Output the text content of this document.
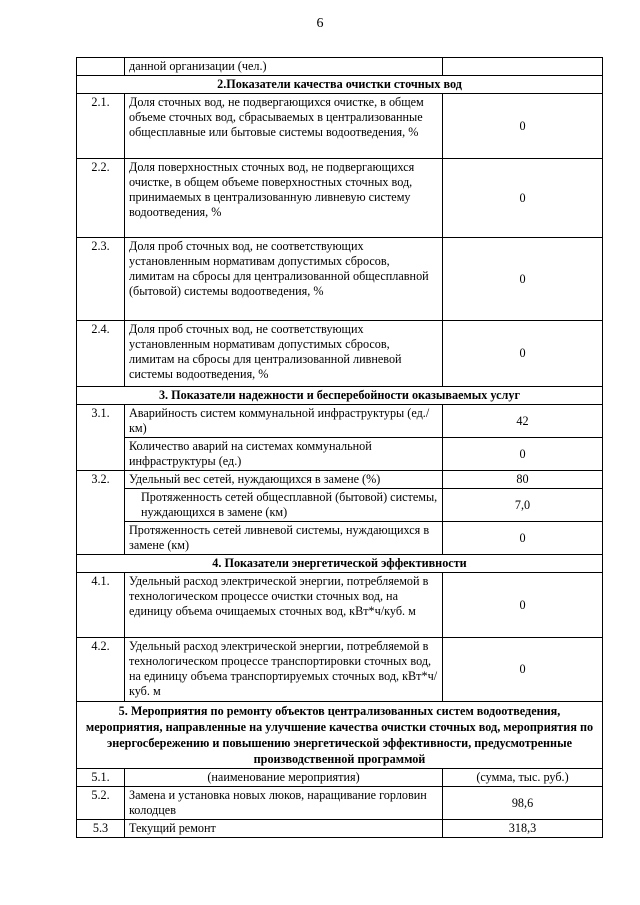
6
	данной организации (чел.)	
2.Показатели качества очистки сточных вод		
2.1.	Доля сточных вод, не подвергающихся очистке, в общем объеме сточных вод, сбрасываемых в централизованные общесплавные или бытовые системы водоотведения, %	0
2.2.	Доля поверхностных сточных вод, не подвергающихся очистке, в общем объеме поверхностных сточных вод, принимаемых в централизованную ливневую систему водоотведения, %	0
2.3.	Доля проб сточных вод, не соответствующих установленным нормативам допустимых сбросов, лимитам на сбросы для централизованной общесплавной (бытовой) системы водоотведения, %	0
2.4.	Доля проб сточных вод, не соответствующих установленным нормативам допустимых сбросов, лимитам на сбросы для централизованной ливневой системы водоотведения, %	0
3. Показатели надежности и бесперебойности оказываемых услуг		
3.1.	Аварийность систем коммунальной инфраструктуры (ед./км)	42
	Количество аварий на системах коммунальной инфраструктуры (ед.)	0
3.2.	Удельный вес сетей, нуждающихся в замене (%)	80
	Протяженность сетей общесплавной (бытовой) системы, нуждающихся в замене (км)	7,0
	Протяженность сетей ливневой системы, нуждающихся в замене (км)	0
4. Показатели энергетической эффективности		
4.1.	Удельный расход электрической энергии, потребляемой в технологическом процессе очистки сточных вод, на единицу объема очищаемых сточных вод, кВт*ч/куб. м	0
4.2.	Удельный расход электрической энергии, потребляемой в технологическом процессе транспортировки сточных вод, на единицу объема транспортируемых сточных вод, кВт*ч/куб. м	0
5. Мероприятия по ремонту объектов централизованных систем водоотведения, мероприятия, направленные на улучшение качества очистки сточных вод, мероприятия по энергосбережению и повышению энергетической эффективности, предусмотренные производственной программой		
5.1.	(наименование мероприятия)	(сумма, тыс. руб.)
5.2.	Замена и установка новых люков, наращивание горловин колодцев	98,6
5.3	Текущий ремонт	318,3
